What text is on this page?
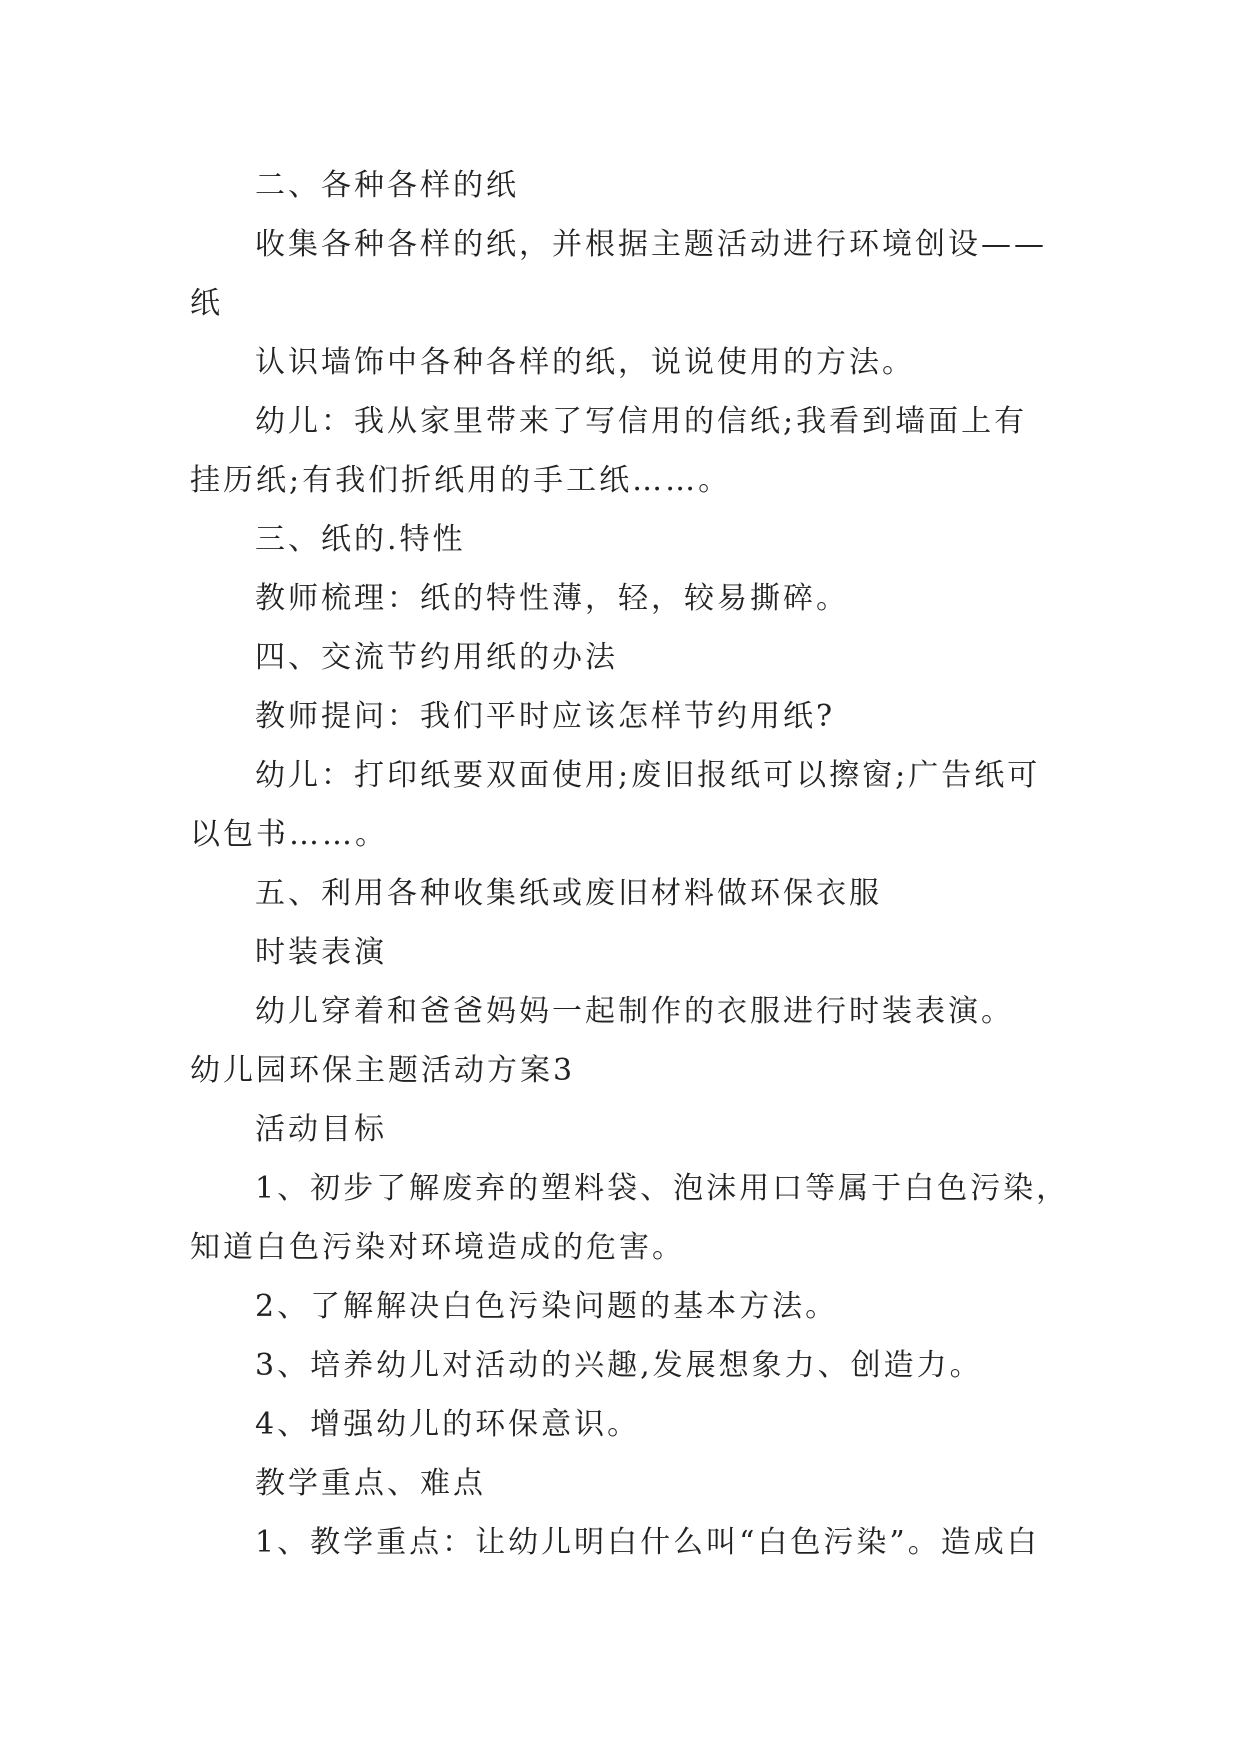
二、各种各样的纸
收集各种各样的纸，并根据主题活动进行环境创设——
纸
认识墙饰中各种各样的纸，说说使用的方法。
幼儿：我从家里带来了写信用的信纸;我看到墙面上有
挂历纸;有我们折纸用的手工纸……。
三、纸的.特性
教师梳理：纸的特性薄，轻，较易撕碎。
四、交流节约用纸的办法
教师提问：我们平时应该怎样节约用纸?
幼儿：打印纸要双面使用;废旧报纸可以擦窗;广告纸可
以包书……。
五、利用各种收集纸或废旧材料做环保衣服
时装表演
幼儿穿着和爸爸妈妈一起制作的衣服进行时装表演。
幼儿园环保主题活动方案3
活动目标
1、初步了解废弃的塑料袋、泡沫用口等属于白色污染，
知道白色污染对环境造成的危害。
2、了解解决白色污染问题的基本方法。
3、培养幼儿对活动的兴趣,发展想象力、创造力。
4、增强幼儿的环保意识。
教学重点、难点
1、教学重点：让幼儿明白什么叫“白色污染”。造成白
